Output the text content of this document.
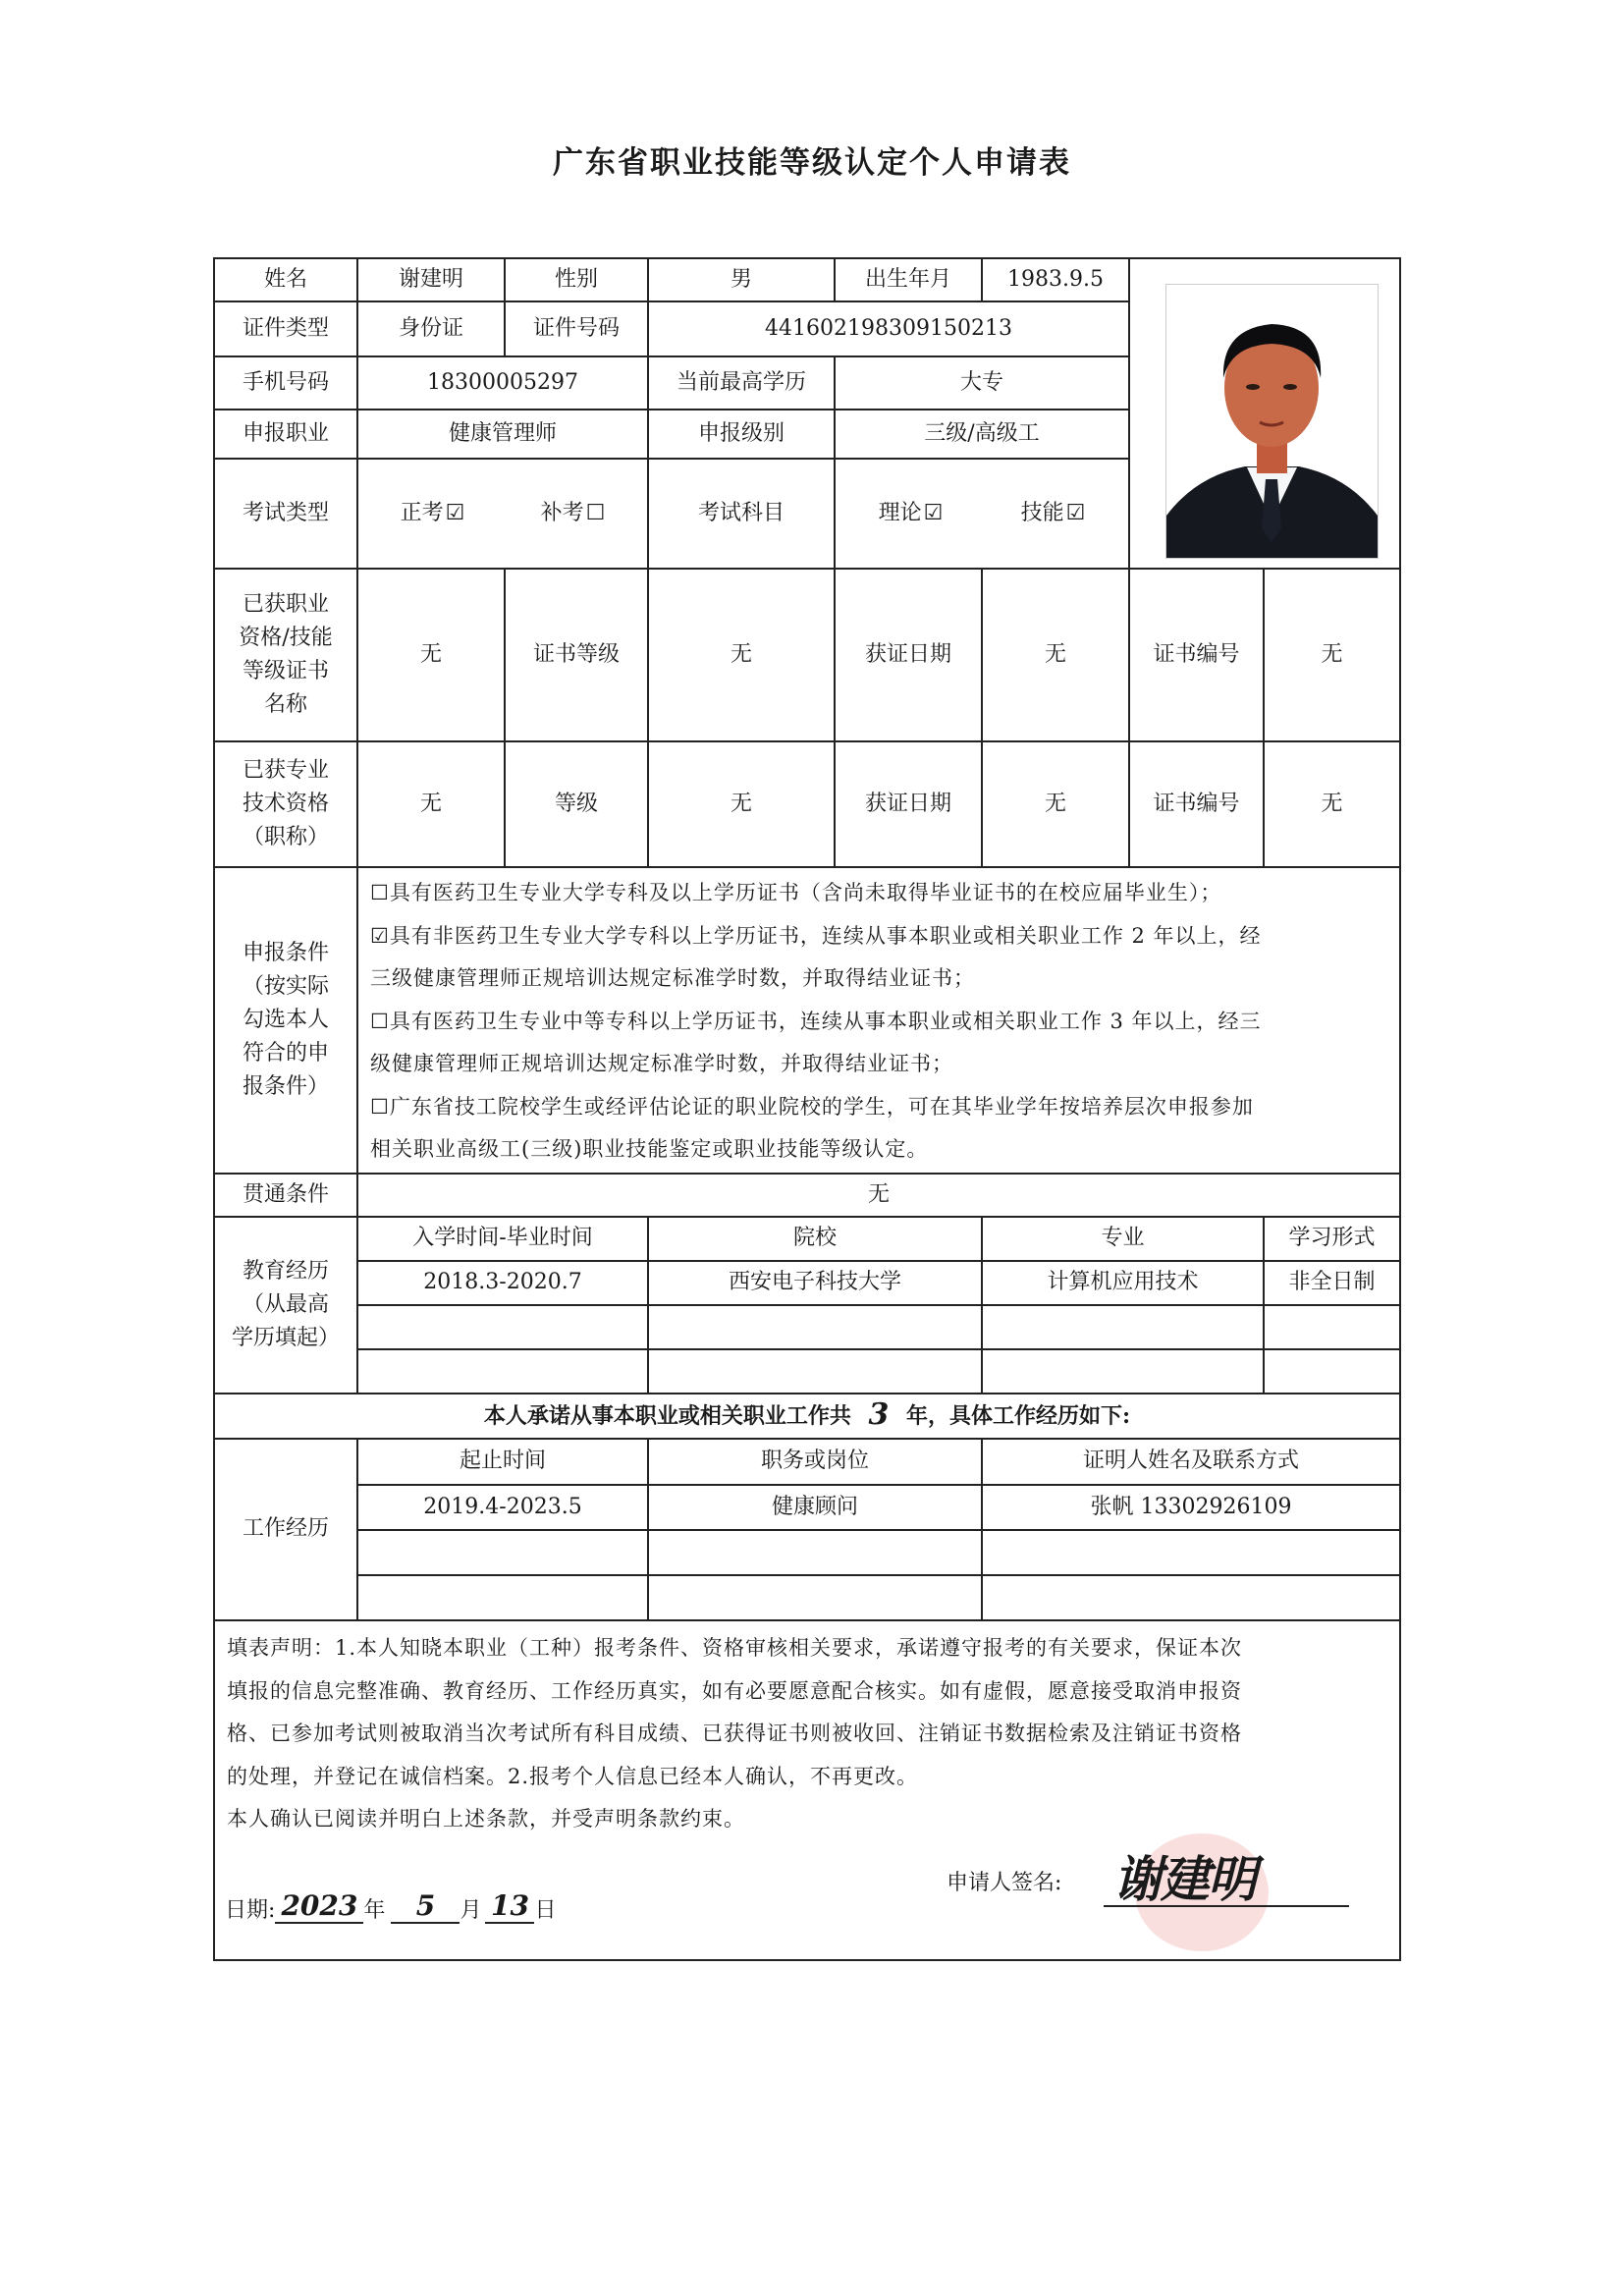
广东省职业技能等级认定个人申请表
姓名	谢建明	性别	男	出生年月	1983.9.5
证件类型	身份证	证件号码	441602198309150213
手机号码	18300005297	当前最高学历	大专
申报职业	健康管理师	申报级别	三级/高级工
考试类型	正考☑	补考☐	考试科目	理论☑	技能☑
已获职业
资格/技能
等级证书
名称
无	证书等级	无	获证日期	无	证书编号	无
已获专业
技术资格
（职称）
无	等级	无	获证日期	无	证书编号	无
申报条件
（按实际
勾选本人
符合的申
报条件）
☐具有医药卫生专业大学专科及以上学历证书（含尚未取得毕业证书的在校应届毕业生）；
☑具有非医药卫生专业大学专科以上学历证书，连续从事本职业或相关职业工作 2 年以上，经
三级健康管理师正规培训达规定标准学时数，并取得结业证书；
☐具有医药卫生专业中等专科以上学历证书，连续从事本职业或相关职业工作 3 年以上，经三
级健康管理师正规培训达规定标准学时数，并取得结业证书；
☐广东省技工院校学生或经评估论证的职业院校的学生，可在其毕业学年按培养层次申报参加
相关职业高级工(三级)职业技能鉴定或职业技能等级认定。
贯通条件	无
教育经历
（从最高
学历填起）
入学时间-毕业时间	院校	专业	学习形式
2018.3-2020.7	西安电子科技大学	计算机应用技术	非全日制
本人承诺从事本职业或相关职业工作共 3 年，具体工作经历如下:
工作经历
起止时间	职务或岗位	证明人姓名及联系方式
2019.4-2023.5	健康顾问	张帆 13302926109
填表声明：1.本人知晓本职业（工种）报考条件、资格审核相关要求，承诺遵守报考的有关要求，保证本次
填报的信息完整准确、教育经历、工作经历真实，如有必要愿意配合核实。如有虚假，愿意接受取消申报资
格、已参加考试则被取消当次考试所有科目成绩、已获得证书则被收回、注销证书数据检索及注销证书资格
的处理，并登记在诚信档案。2.报考个人信息已经本人确认，不再更改。
本人确认已阅读并明白上述条款，并受声明条款约束。
申请人签名: 谢建明
日期: 2023 年	5	月 13 日
